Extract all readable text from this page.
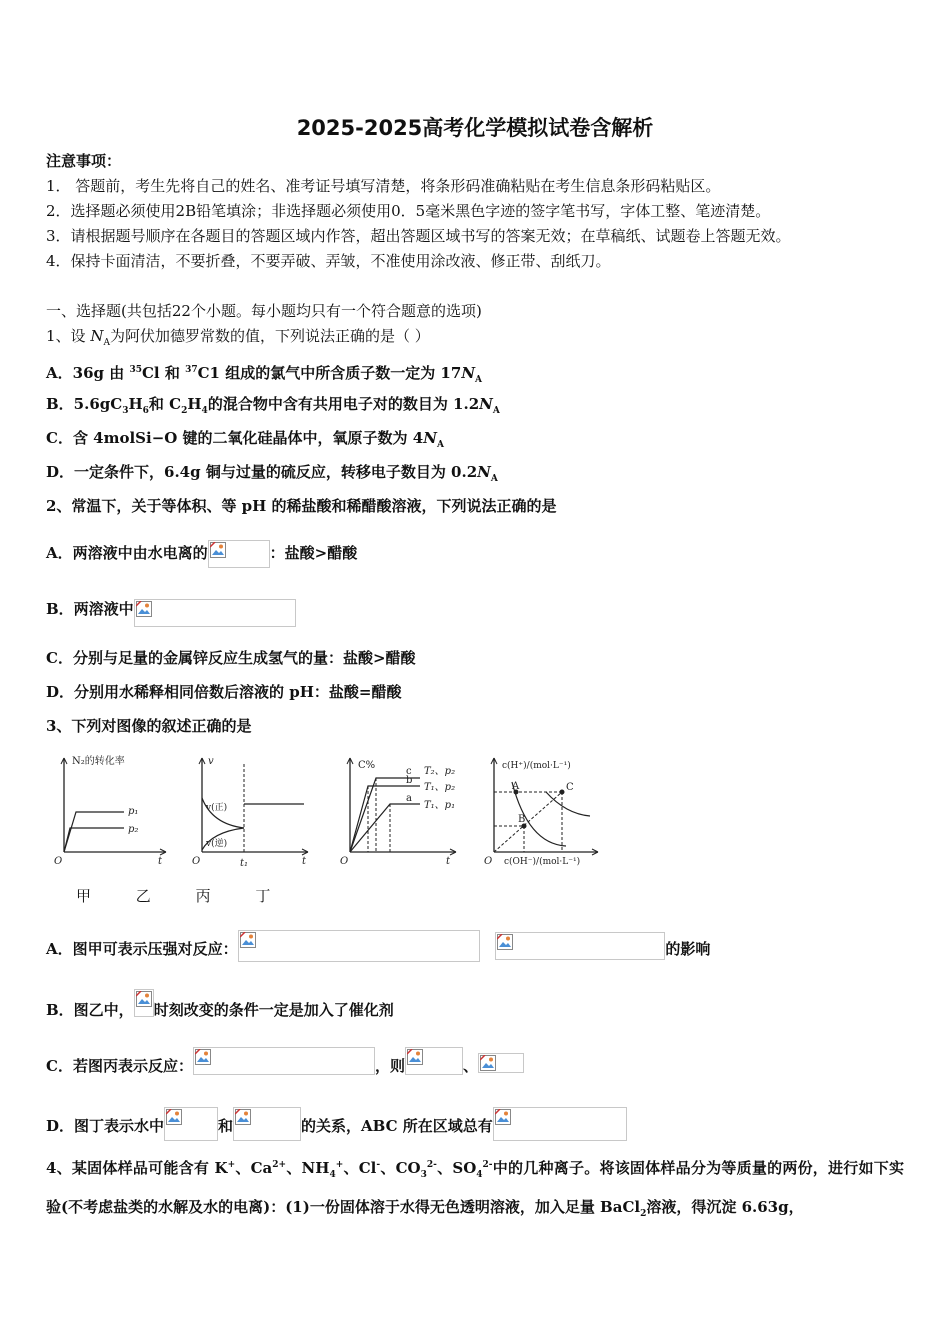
2025-2025高考化学模拟试卷含解析
注意事项：
1． 答题前，考生先将自己的姓名、准考证号填写清楚，将条形码准确粘贴在考生信息条形码粘贴区。
2．选择题必须使用2B铅笔填涂；非选择题必须使用0．5毫米黑色字迹的签字笔书写，字体工整、笔迹清楚。
3．请根据题号顺序在各题目的答题区域内作答，超出答题区域书写的答案无效；在草稿纸、试题卷上答题无效。
4．保持卡面清洁，不要折叠，不要弄破、弄皱，不准使用涂改液、修正带、刮纸刀。
一、选择题(共包括22个小题。每小题均只有一个符合题意的选项)
1、设 $N_A$为阿伏加德罗常数的值，下列说法正确的是（ ）
A．36g 由 $^{35}$Cl 和 $^{37}$C1 组成的氯气中所含质子数一定为 $17N_A$
B．$5.6gC_3H_6$和 $C_2H_4$的混合物中含有共用电子对的数目为 $1.2N_A$
C．含 4molSi−O 键的二氧化硅晶体中，氧原子数为 $4N_A$
D．一定条件下，6.4g 铜与过量的硫反应，转移电子数目为 $0.2N_A$
2、常温下，关于等体积、等 pH 的稀盐酸和稀醋酸溶液，下列说法正确的是
A．两溶液中由水电离的	：盐酸>醋酸
B．两溶液中
C．分别与足量的金属锌反应生成氢气的量：盐酸>醋酸
D．分别用水稀释相同倍数后溶液的 pH：盐酸=醋酸
3、下列对图像的叙述正确的是
N₂的转化率
p₁
p₂
O	t
v
v(正)
v(逆)
O	t₁	t
C%
c
b
a
T₂、p₂
T₁、p₂
T₁、p₁
O	t
c(H⁺)/(mol·L⁻¹)
A
B
C
O c(OH⁻)/(mol·L⁻¹)
甲	乙	丙	丁
A．图甲可表示压强对反应：
	的影响
B．图乙中， 时刻改变的条件一定是加入了催化剂
C．若图丙表示反应：	，则	、
D．图丁表示水中	和	的关系，ABC 所在区域总有
4、某固体样品可能含有 K+、$Ca^{2+}$、$NH_4^+$、Cl-、$CO_3^{2-}$、$SO_4^{2-}$中的几种离子。将该固体样品分为等质量的两份，进行如下实验(不考虑盐类的水解及水的电离)：(1)一份固体溶于水得无色透明溶液，加入足量 BaCl$_2$溶液，得沉淀 6.63g，
